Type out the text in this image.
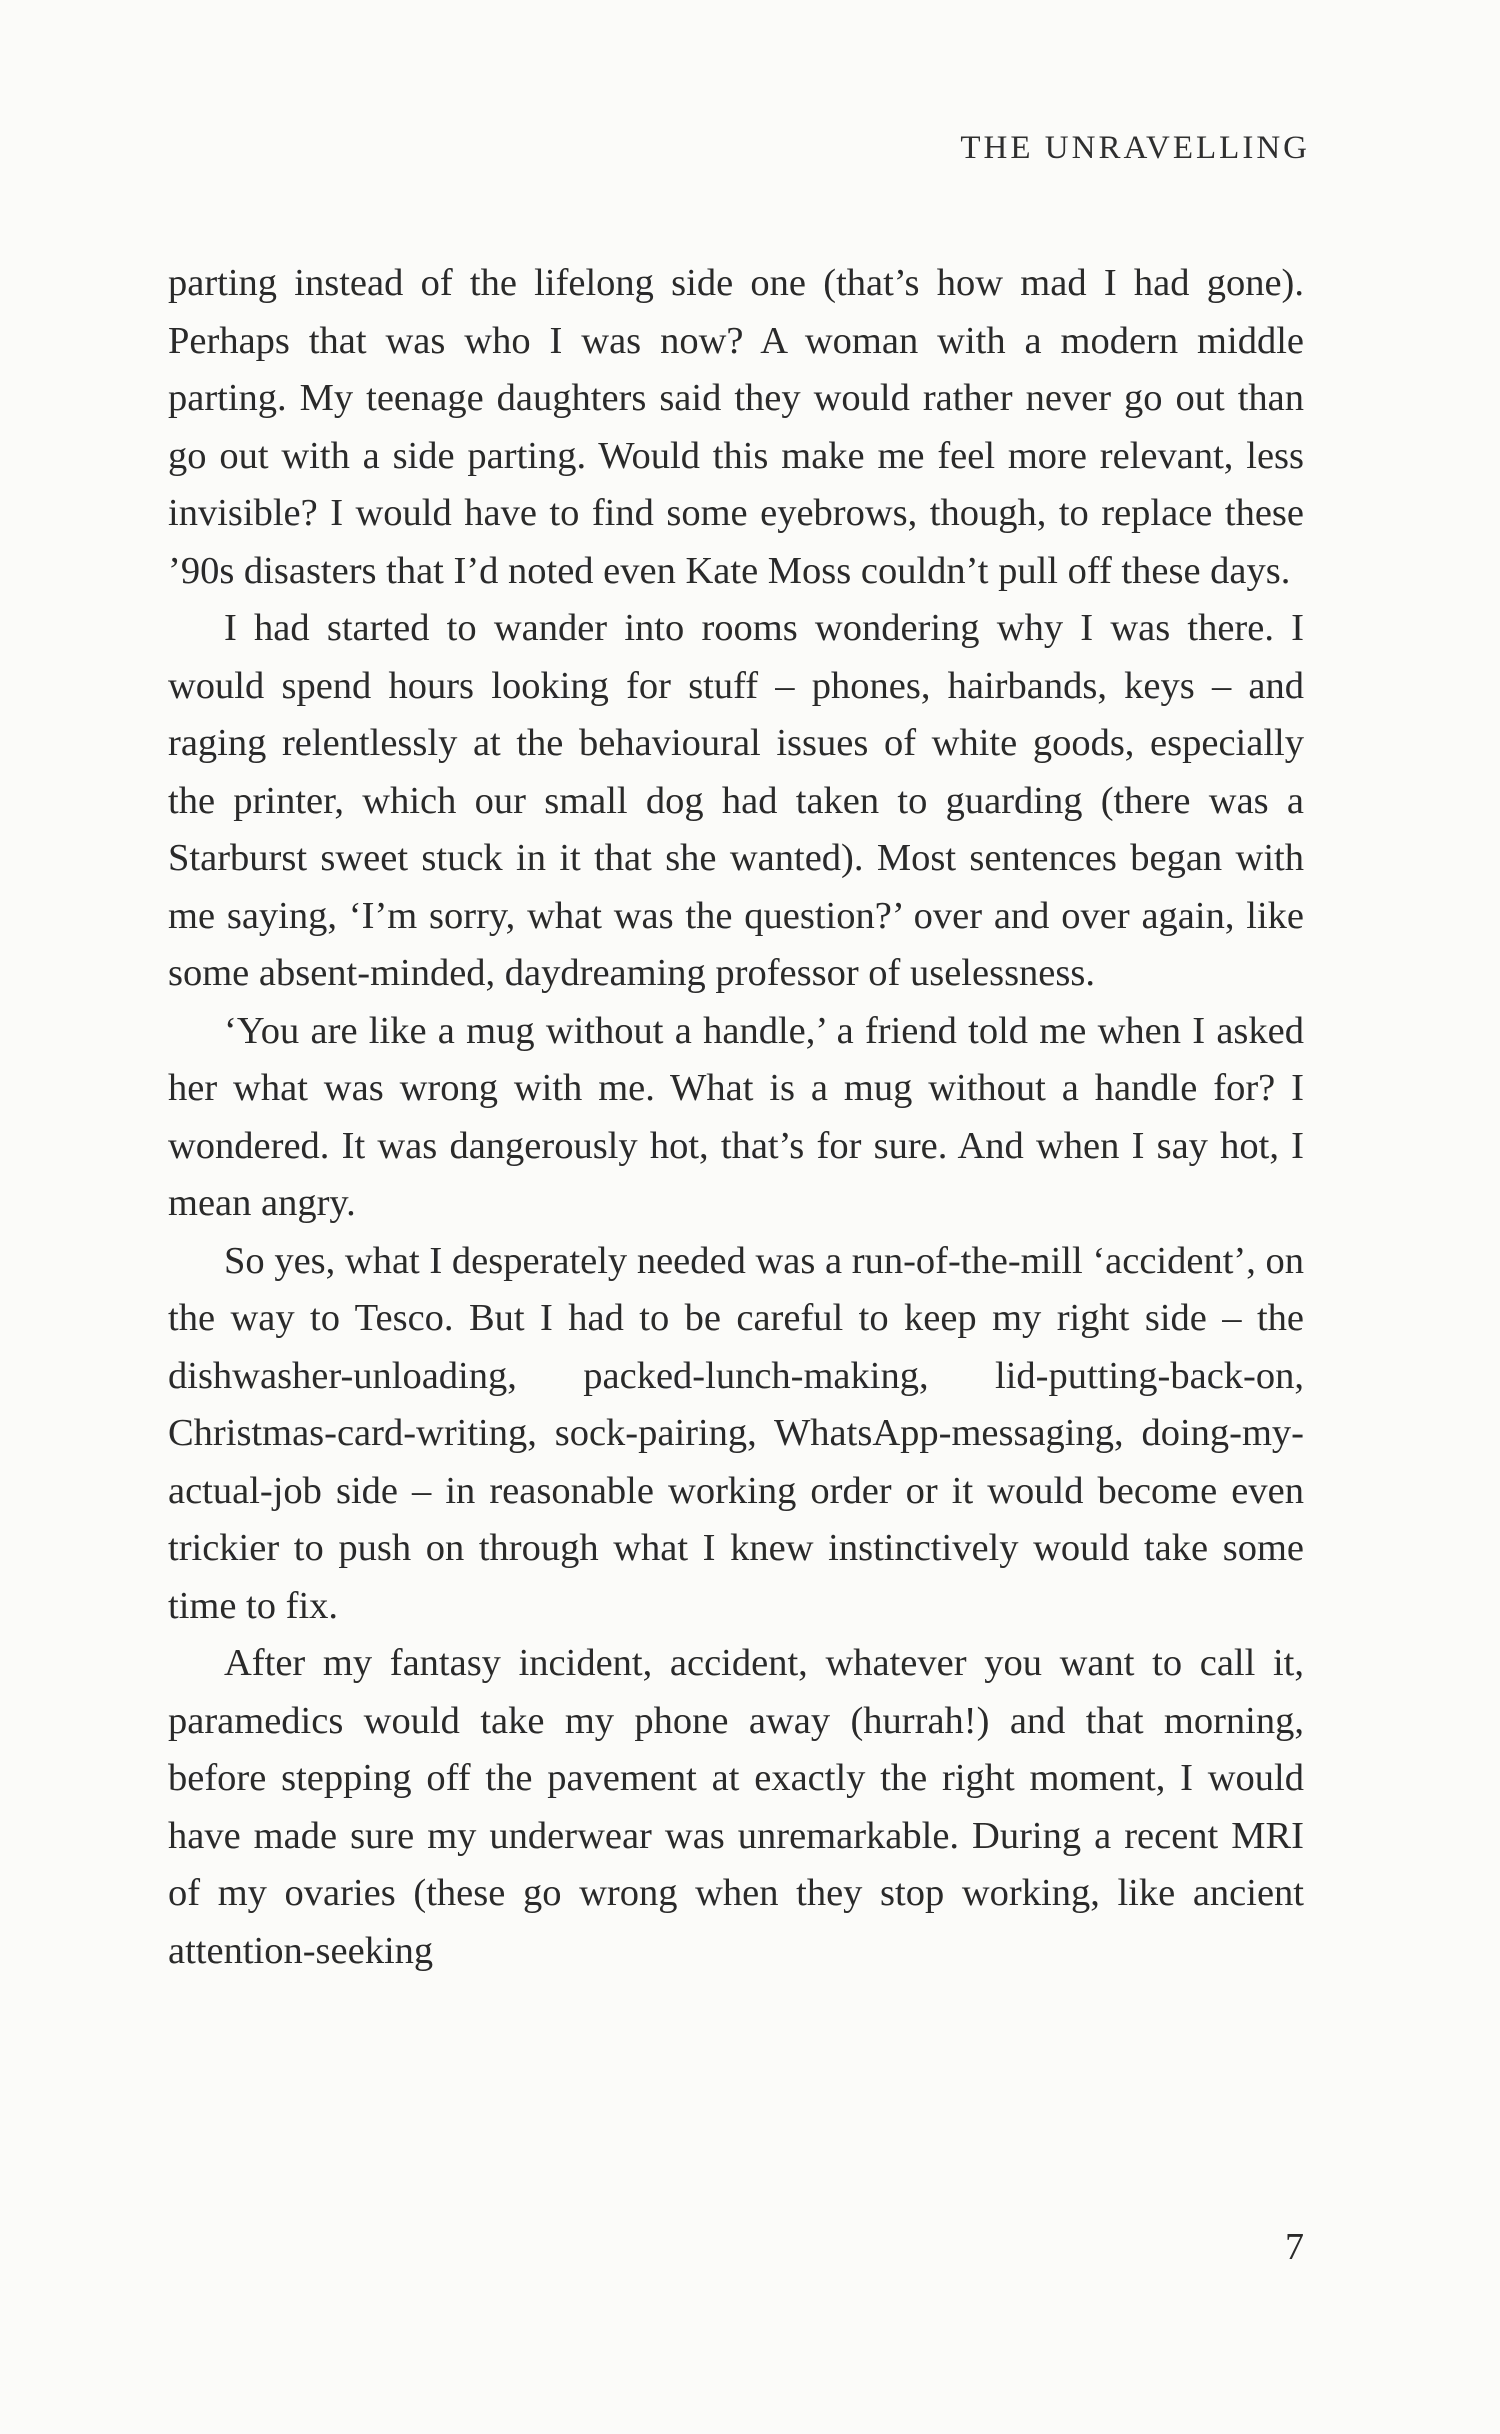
THE UNRAVELLING

parting instead of the lifelong side one (that’s how mad I had gone). Perhaps that was who I was now? A woman with a modern middle parting. My teenage daughters said they would rather never go out than go out with a side parting. Would this make me feel more relevant, less invisible? I would have to find some eyebrows, though, to replace these ’90s disasters that I’d noted even Kate Moss couldn’t pull off these days.

I had started to wander into rooms wondering why I was there. I would spend hours looking for stuff – phones, hairbands, keys – and raging relentlessly at the behavioural issues of white goods, especially the printer, which our small dog had taken to guarding (there was a Starburst sweet stuck in it that she wanted). Most sentences began with me saying, ‘I’m sorry, what was the question?’ over and over again, like some absent-minded, daydreaming professor of uselessness.

‘You are like a mug without a handle,’ a friend told me when I asked her what was wrong with me. What is a mug without a handle for? I wondered. It was dangerously hot, that’s for sure. And when I say hot, I mean angry.

So yes, what I desperately needed was a run-of-the-mill ‘accident’, on the way to Tesco. But I had to be careful to keep my right side – the dishwasher-unloading, packed-lunch-making, lid-putting-back-on, Christmas-card-writing, sock-pairing, WhatsApp-messaging, doing-my-actual-job side – in reasonable working order or it would become even trickier to push on through what I knew instinctively would take some time to fix.

After my fantasy incident, accident, whatever you want to call it, paramedics would take my phone away (hurrah!) and that morning, before stepping off the pavement at exactly the right moment, I would have made sure my underwear was unremarkable. During a recent MRI of my ovaries (these go wrong when they stop working, like ancient attention-seeking

7
